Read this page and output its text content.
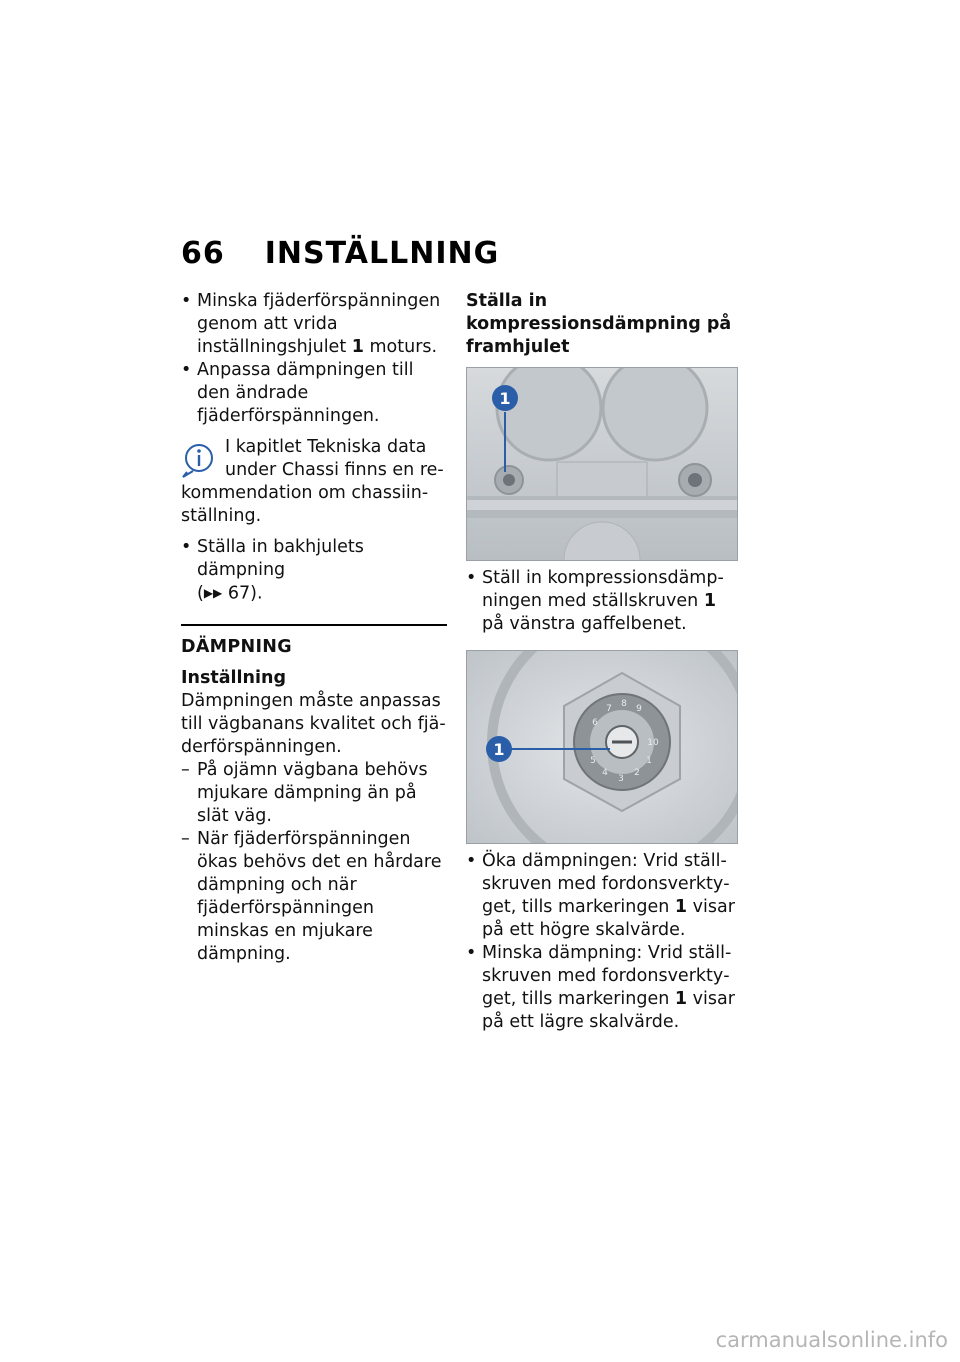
66 INSTÄLLNING

• Minska fjäderförspänningen genom att vrida inställningshjulet 1 moturs.

• Anpassa dämpningen till den ändrade fjäderförspänningen.

I kapitlet Tekniska data under Chassi finns en rekommendation om chassiinställning.

• Ställa in bakhjulets dämpning
(▶▶ 67).

DÄMPNING
Inställning

Dämpningen måste anpassas till vägbanans kvalitet och fjäderförspänningen.

– På ojämn vägbana behövs mjukare dämpning än på slät väg.

– När fjäderförspänningen ökas behövs det en hårdare dämpning och när fjäderförspänningen minskas en mjukare dämpning.

Ställa in kompressionsdämpning på framhjulet

1

• Ställ in kompressionsdämpningen med ställskruven 1 på vänstra gaffelbenet.

6
7 8 9
10
1
2
3
4
5
1

• Öka dämpningen: Vrid ställskruven med fordonsverktyget, tills markeringen 1 visar på ett högre skalvärde.

• Minska dämpning: Vrid ställskruven med fordonsverktyget, tills markeringen 1 visar på ett lägre skalvärde.

carmanualsonline.info
